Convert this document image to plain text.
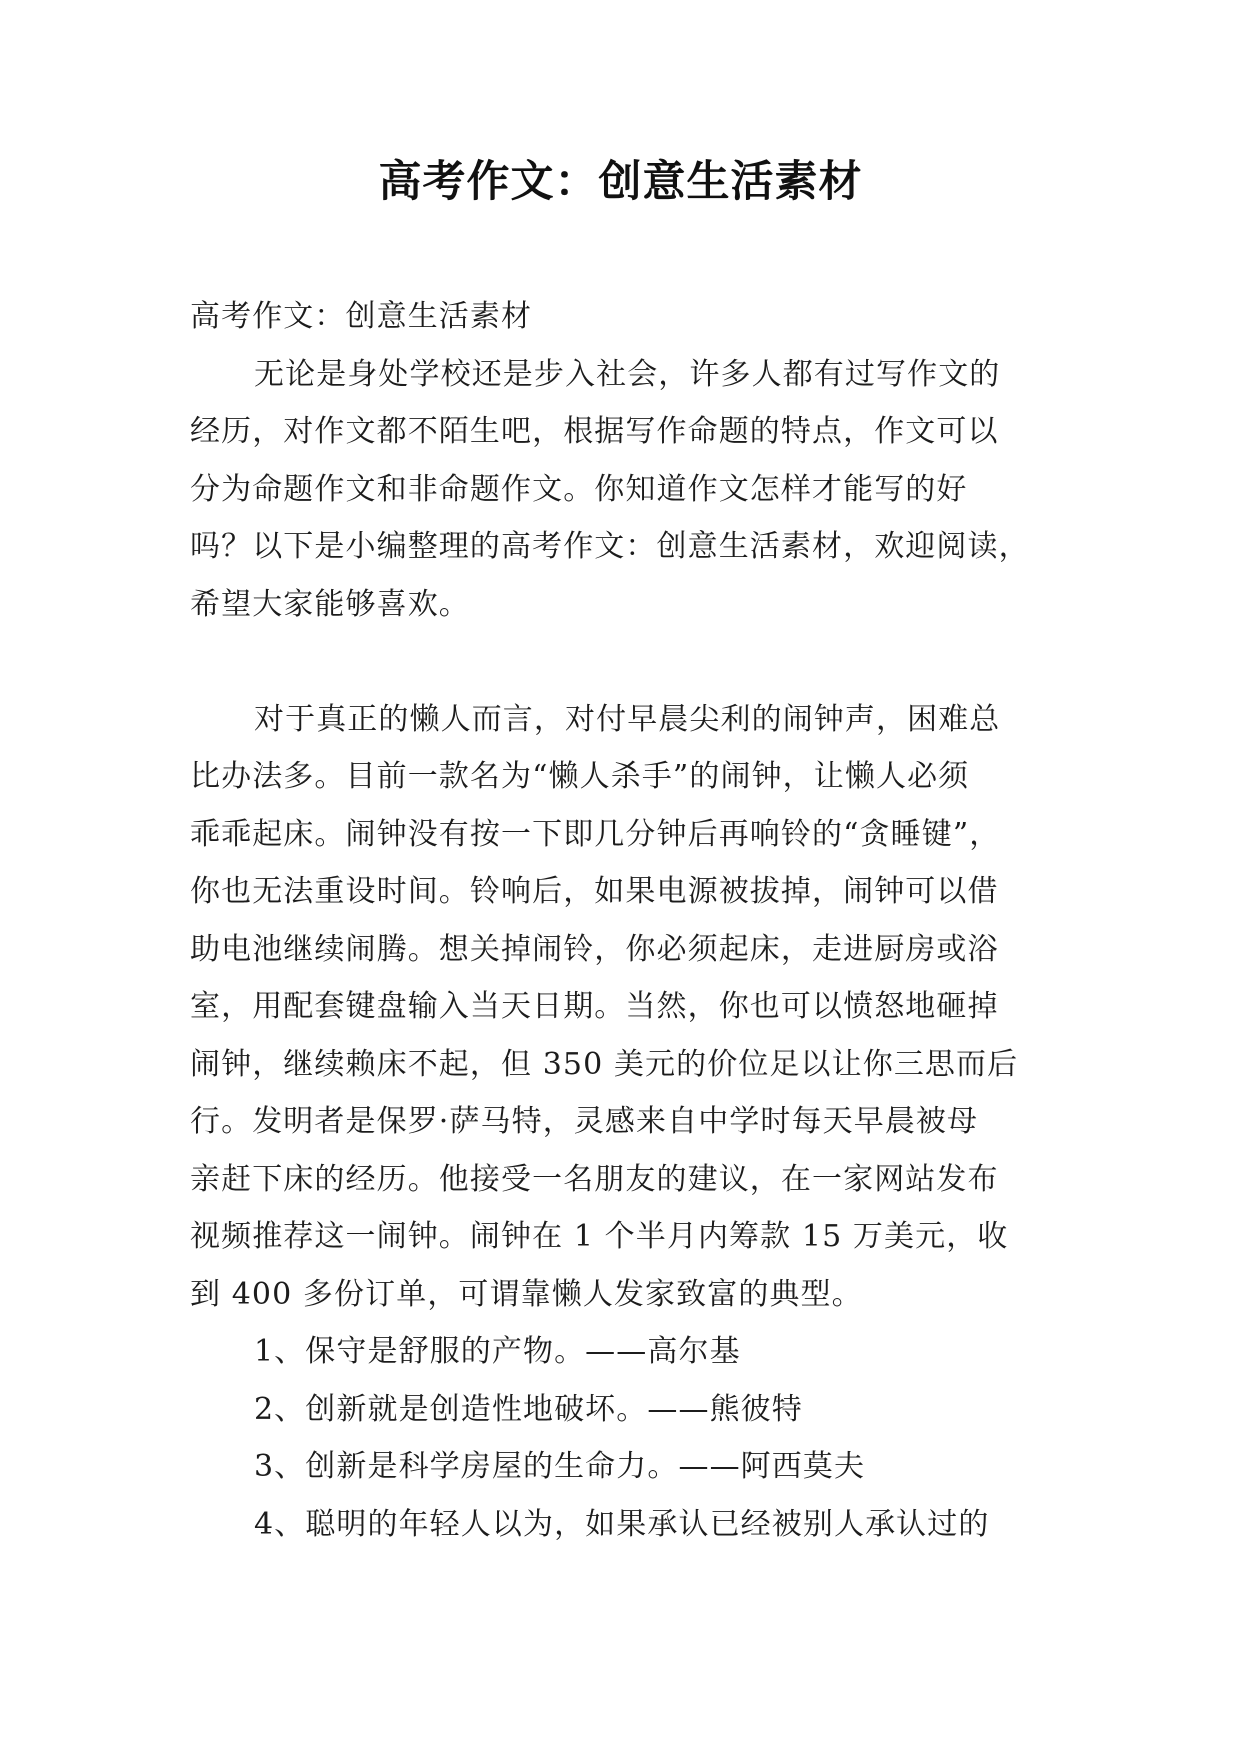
高考作文：创意生活素材
高考作文：创意生活素材
无论是身处学校还是步入社会，许多人都有过写作文的
经历，对作文都不陌生吧，根据写作命题的特点，作文可以
分为命题作文和非命题作文。你知道作文怎样才能写的好
吗？以下是小编整理的高考作文：创意生活素材，欢迎阅读，
希望大家能够喜欢。
对于真正的懒人而言，对付早晨尖利的闹钟声，困难总
比办法多。目前一款名为“懒人杀手”的闹钟，让懒人必须
乖乖起床。闹钟没有按一下即几分钟后再响铃的“贪睡键”，
你也无法重设时间。铃响后，如果电源被拔掉，闹钟可以借
助电池继续闹腾。想关掉闹铃，你必须起床，走进厨房或浴
室，用配套键盘输入当天日期。当然，你也可以愤怒地砸掉
闹钟，继续赖床不起，但 350 美元的价位足以让你三思而后
行。发明者是保罗·萨马特，灵感来自中学时每天早晨被母
亲赶下床的经历。他接受一名朋友的建议，在一家网站发布
视频推荐这一闹钟。闹钟在 1 个半月内筹款 15 万美元，收
到 400 多份订单，可谓靠懒人发家致富的典型。
1、保守是舒服的产物。——高尔基
2、创新就是创造性地破坏。——熊彼特
3、创新是科学房屋的生命力。——阿西莫夫
4、聪明的年轻人以为，如果承认已经被别人承认过的
